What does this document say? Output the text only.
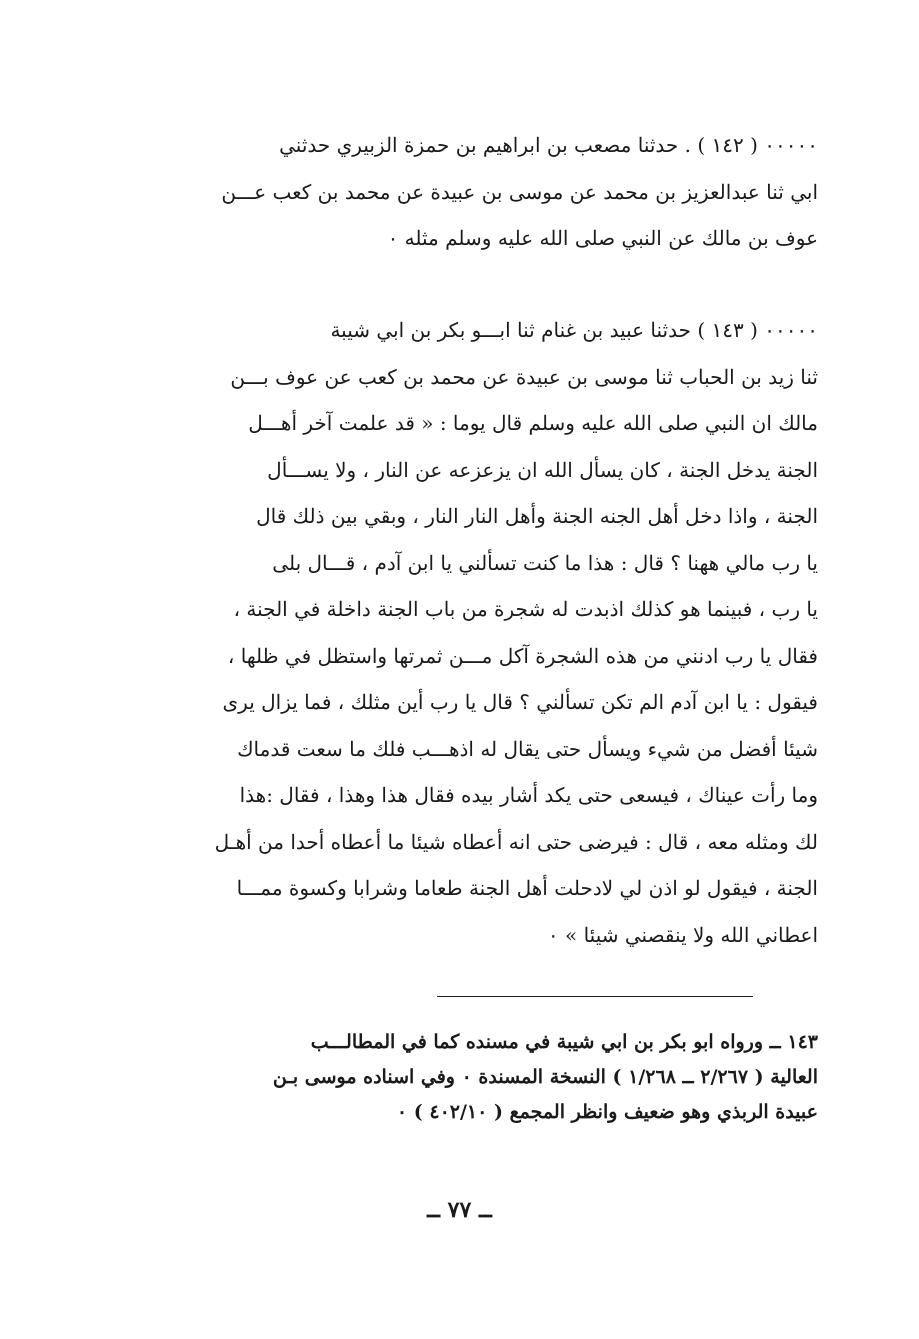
٠٠٠٠٠ ( ١٤٢ ) . حدثنا مصعب بن ابراهيم بن حمزة الزبيري حدثني
ابي ثنا عبدالعزيز بن محمد عن موسى بن عبيدة عن محمد بن كعب عـــن
عوف بن مالك عن النبي صلى الله عليه وسلم مثله ٠
٠٠٠٠٠ ( ١٤٣ ) حدثنا عبيد بن غنام ثنا ابـــو بكر بن ابي شيبة
ثنا زيد بن الحباب ثنا موسى بن عبيدة عن محمد بن كعب عن عوف بـــن
مالك ان النبي صلى الله عليه وسلم قال يوما : « قد علمت آخر أهـــل
الجنة يدخل الجنة ، كان يسأل الله ان يزعزعه عن النار ، ولا يســـأل
الجنة ، واذا دخل أهل الجنه الجنة وأهل النار النار ، وبقي بين ذلك قال
يا رب مالي ههنا ؟ قال : هذا ما كنت تسألني يا ابن آدم ، قـــال بلى
يا رب ، فبينما هو كذلك اذبدت له شجرة من باب الجنة داخلة في الجنة ،
فقال يا رب ادنني من هذه الشجرة آكل مـــن ثمرتها واستظل في ظلها ،
فيقول : يا ابن آدم الم تكن تسألني ؟ قال يا رب أين مثلك ، فما يزال يرى
شيئا أفضل من شيء ويسأل حتى يقال له اذهـــب فلك ما سعت قدماك
وما رأت عيناك ، فيسعى حتى يكد أشار بيده فقال هذا وهذا ، فقال :هذا
لك ومثله معه ، قال : فيرضى حتى انه أعطاه شيئا ما أعطاه أحدا من أهـل
الجنة ، فيقول لو اذن لي لادحلت أهل الجنة طعاما وشرابا وكسوة ممـــا
اعطاني الله ولا ينقصني شيئا » ٠
١٤٣ ــ ورواه ابو بكر بن ابي شيبة في مسنده كما في المطالـــب
العالية ( ٢/٢٦٧ ــ ١/٢٦٨ ) النسخة المسندة ٠ وفي اسناده موسى بـن
عبيدة الربذي وهو ضعيف وانظر المجمع ( ٤٠٢/١٠ ) ٠
ــ ٧٧ ــ
